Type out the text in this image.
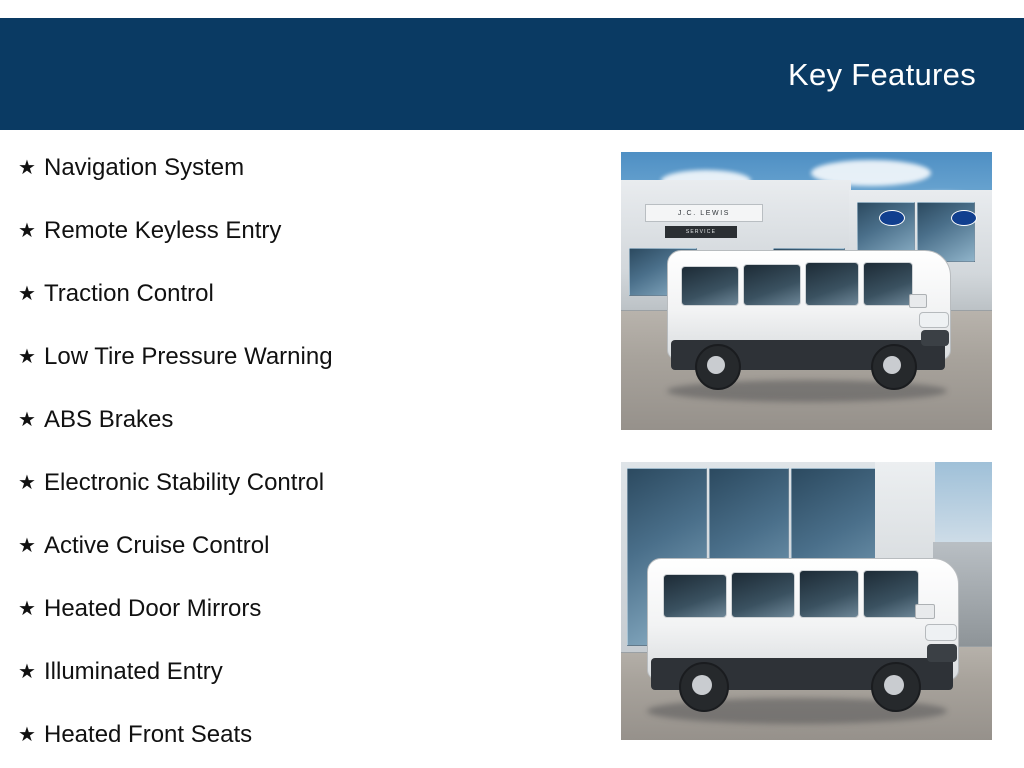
Key Features
★ Navigation System
★ Remote Keyless Entry
★ Traction Control
★ Low Tire Pressure Warning
★ ABS Brakes
★ Electronic Stability Control
★ Active Cruise Control
★ Heated Door Mirrors
★ Illuminated Entry
★ Heated Front Seats
J.C. LEWIS
SERVICE
